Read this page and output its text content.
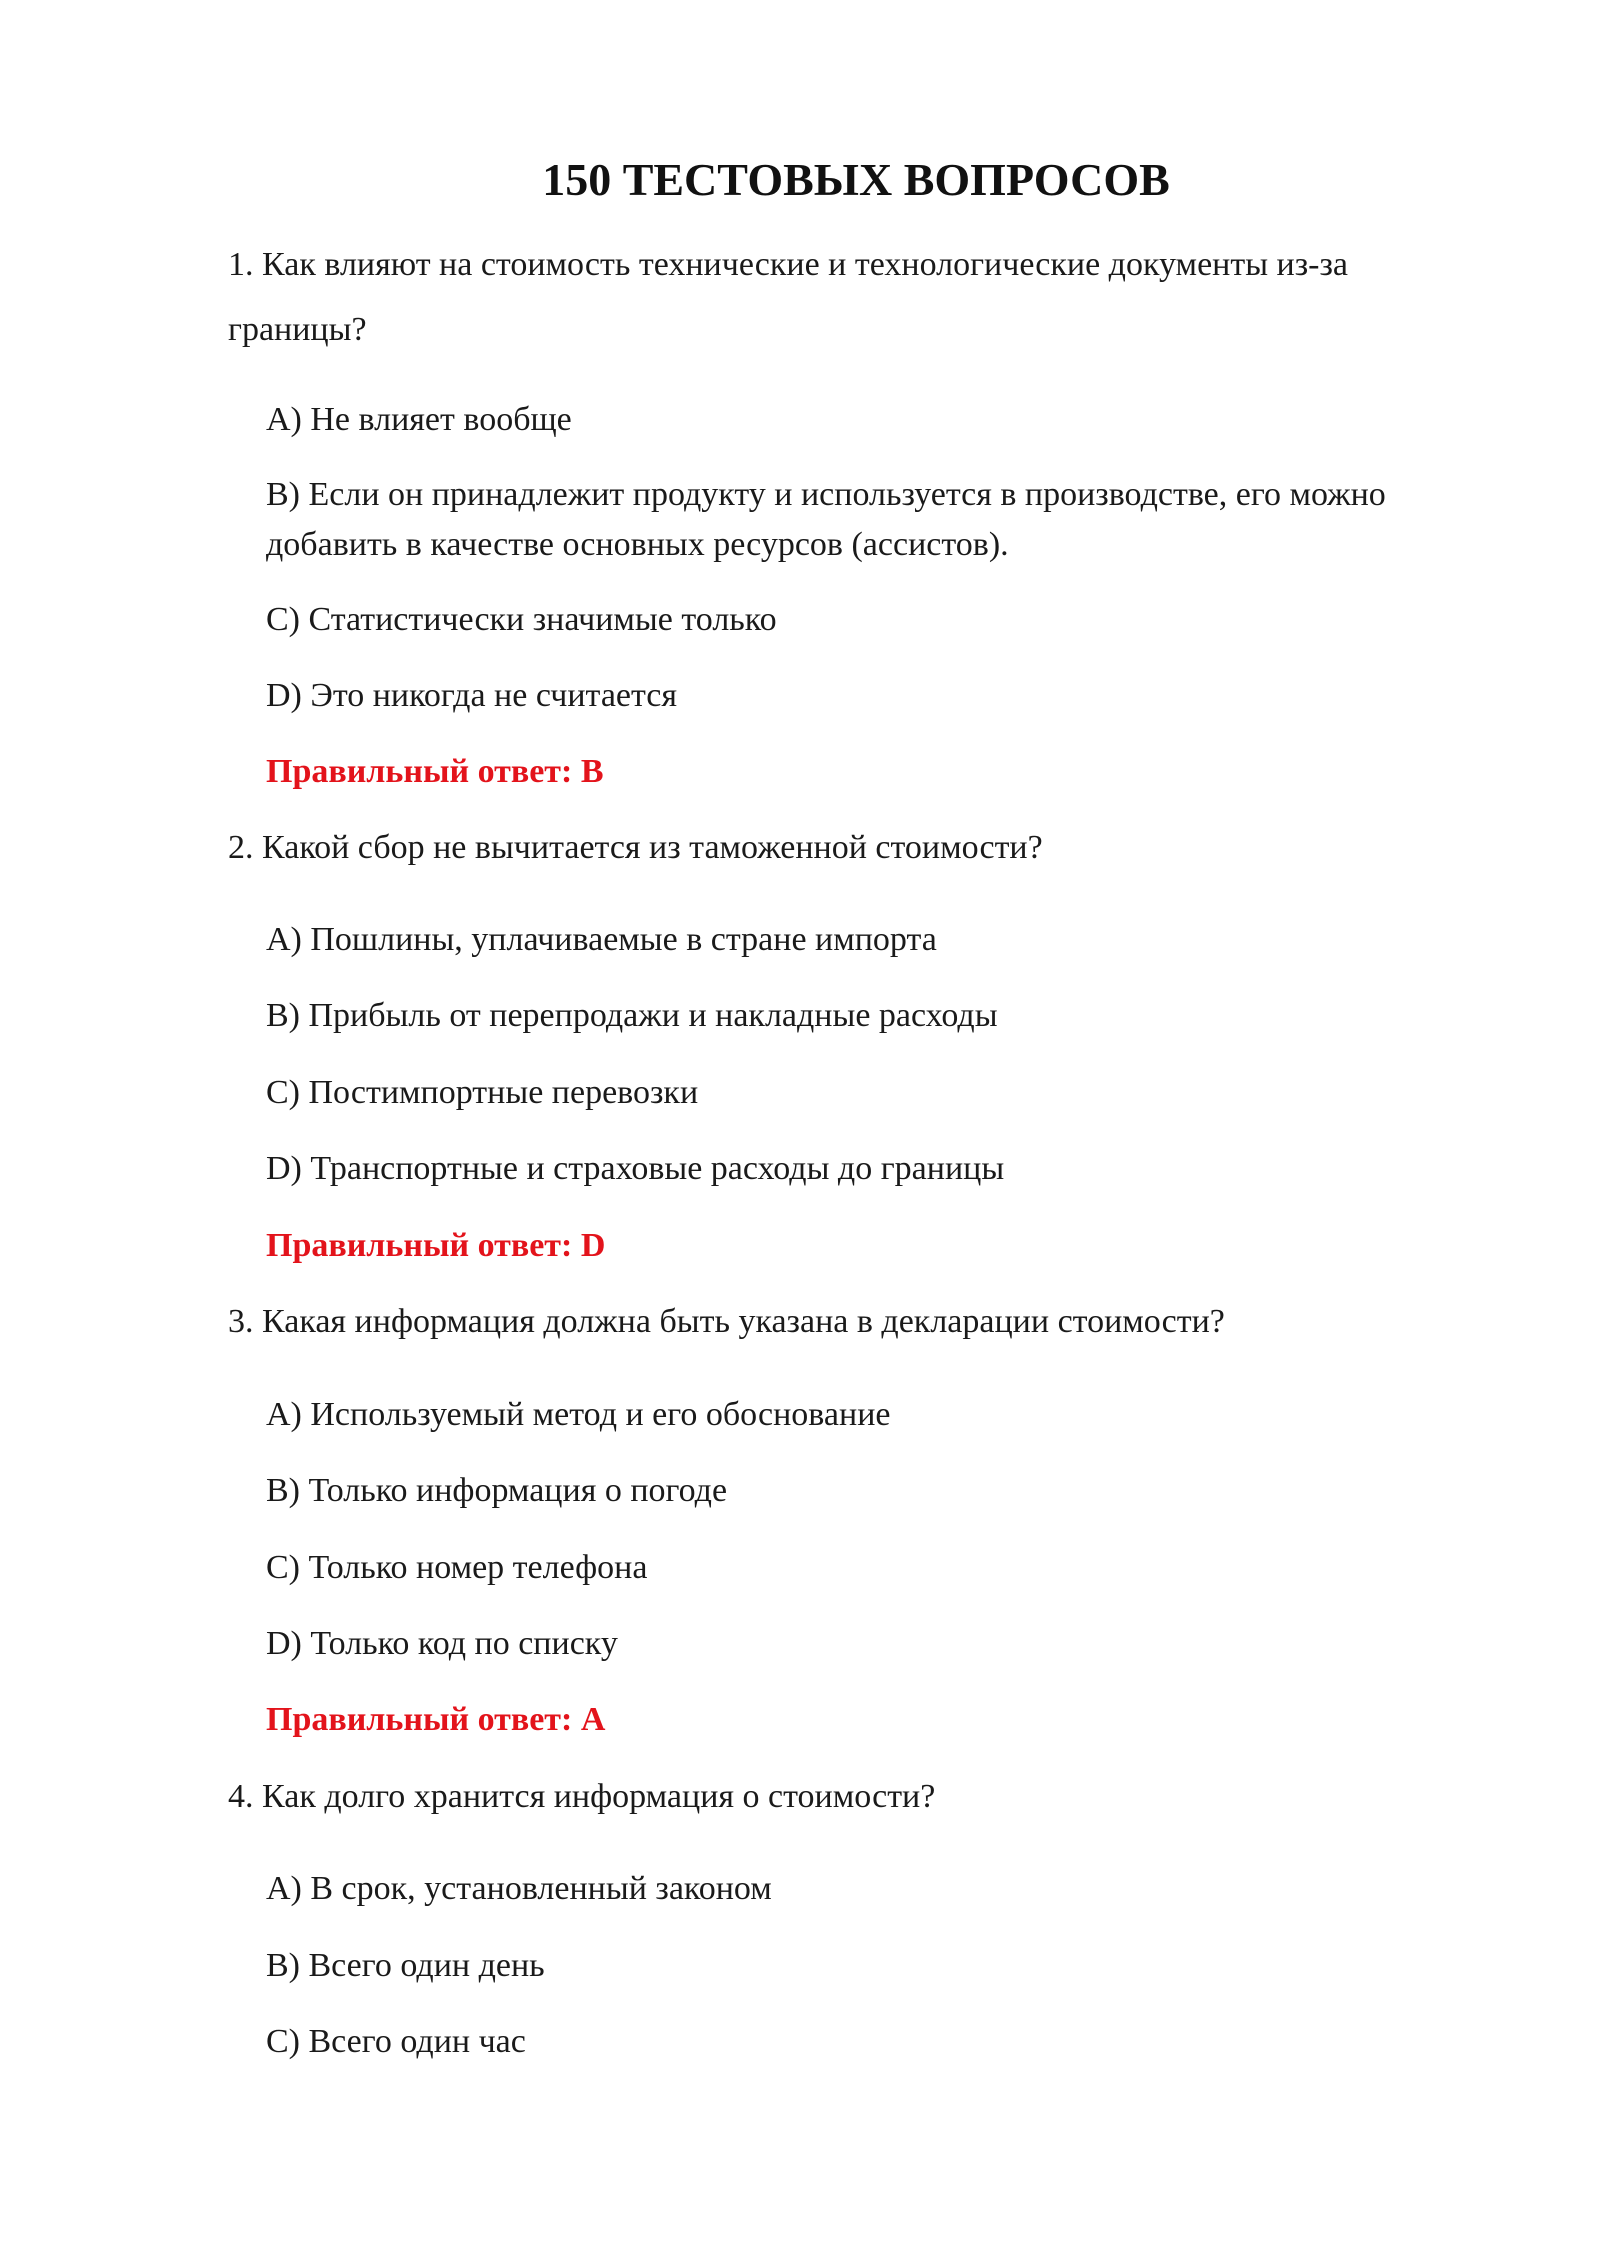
150 ТЕСТОВЫХ ВОПРОСОВ
1. Как влияют на стоимость технические и технологические документы из-за границы?
A) Не влияет вообще
B) Если он принадлежит продукту и используется в производстве, его можно добавить в качестве основных ресурсов (ассистов).
C) Статистически значимые только
D) Это никогда не считается
Правильный ответ: B
2. Какой сбор не вычитается из таможенной стоимости?
A) Пошлины, уплачиваемые в стране импорта
B) Прибыль от перепродажи и накладные расходы
C) Постимпортные перевозки
D) Транспортные и страховые расходы до границы
Правильный ответ: D
3. Какая информация должна быть указана в декларации стоимости?
A) Используемый метод и его обоснование
B) Только информация о погоде
C) Только номер телефона
D) Только код по списку
Правильный ответ: A
4. Как долго хранится информация о стоимости?
A) В срок, установленный законом
B) Всего один день
C) Всего один час
